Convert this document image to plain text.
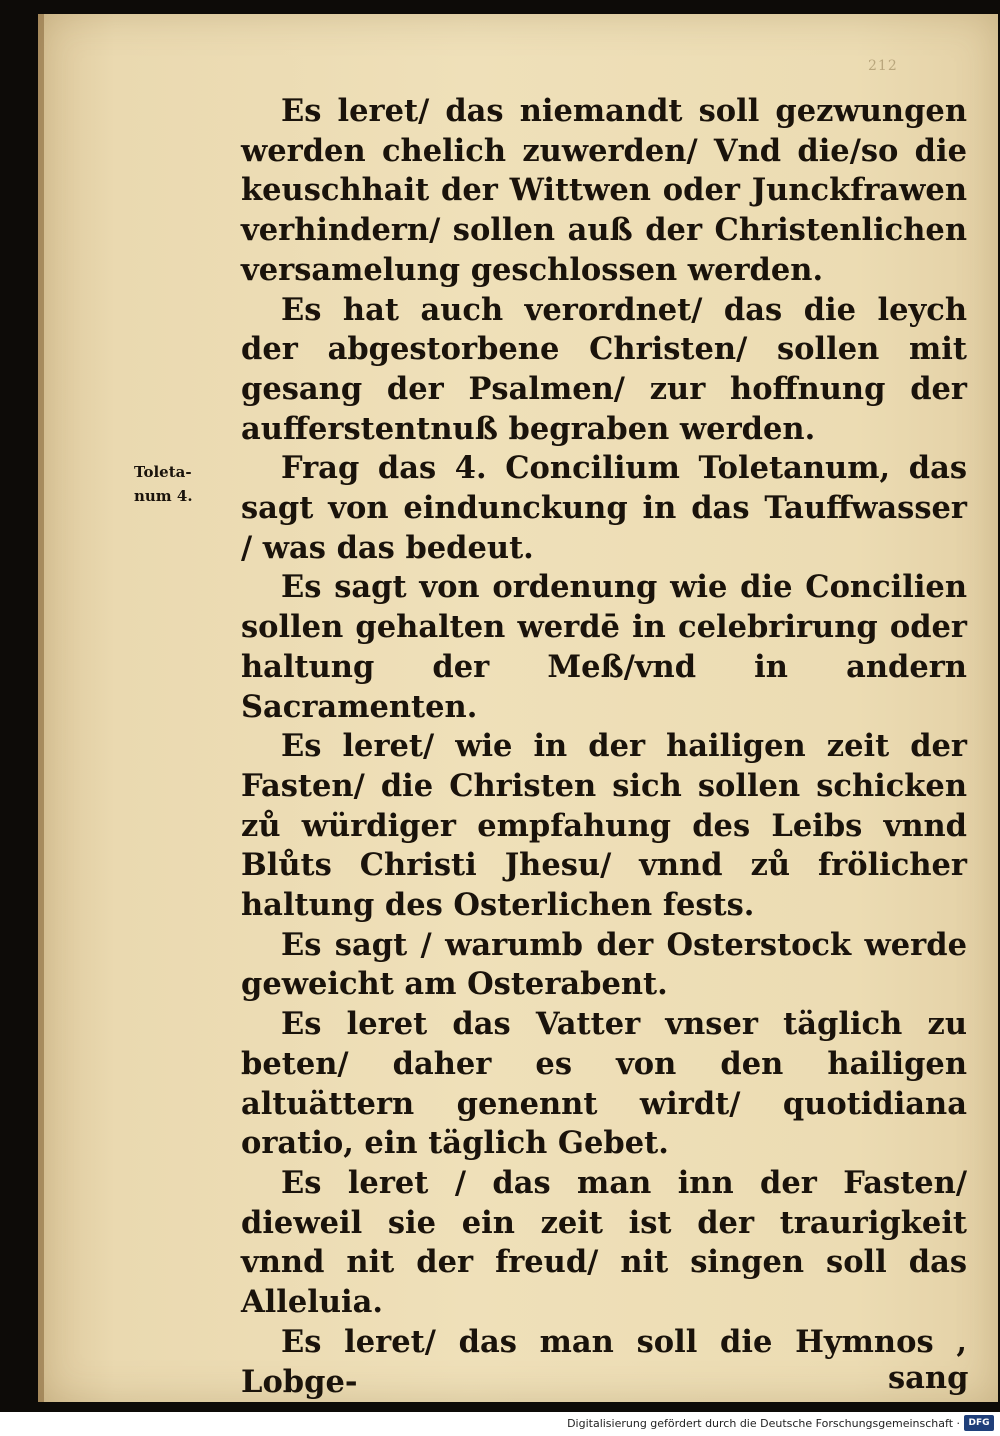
212
Toleta-
num 4.

Es leret/ das niemandt soll gezwungen werden chelich zuwerden/ Vnd die/so die keuschhait der Wittwen oder Junckfrawen verhindern/ sollen auß der Christenlichen versamelung geschlossen werden.

Es hat auch verordnet/ das die leych der abgestorbene Christen/ sollen mit gesang der Psalmen/ zur hoffnung der aufferstentnuß begraben werden.

Frag das 4. Concilium Toletanum, das sagt von eindunckung in das Tauffwasser / was das bedeut.

Es sagt von ordenung wie die Concilien sollen gehalten werdē in celebrirung oder haltung der Meß/vnd in andern Sacramenten.

Es leret/ wie in der hailigen zeit der Fasten/ die Christen sich sollen schicken zů würdiger empfahung des Leibs vnnd Blůts Christi Jhesu/ vnnd zů frölicher haltung des Osterlichen fests.

Es sagt / warumb der Osterstock werde geweicht am Osterabent.

Es leret das Vatter vnser täglich zu beten/ daher es von den hailigen altuättern genennt wirdt/ quotidiana oratio, ein täglich Gebet.

Es leret / das man inn der Fasten/ dieweil sie ein zeit ist der traurigkeit vnnd nit der freud/ nit singen soll das Alleluia.

Es leret/ das man soll die Hymnos , Lobge-	sang
Digitalisierung gefördert durch die Deutsche Forschungsgemeinschaft · DFG
